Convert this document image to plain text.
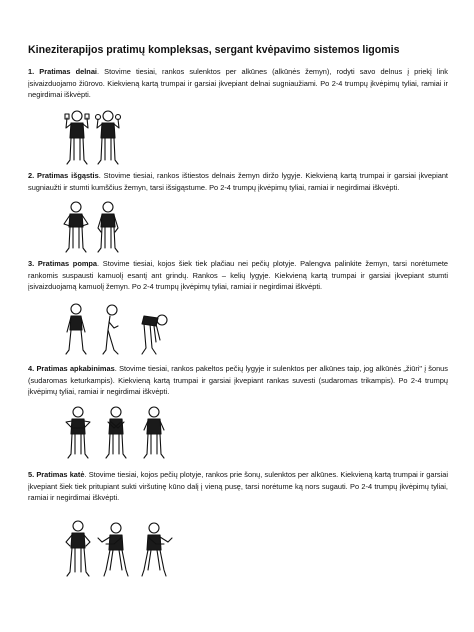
Kineziterapijos pratimų kompleksas, sergant kvėpavimo sistemos ligomis

1. Pratimas delnai. Stovime tiesiai, rankos sulenktos per alkūnes (alkūnės žemyn), rodyti savo delnus į priekį link įsivaizduojamo žiūrovo. Kiekvieną kartą trumpai ir garsiai įkvepiant delnai sugniaužiami. Po 2-4 trumpų įkvėpimų tyliai, ramiai ir negirdimai iškvėpti.

2. Pratimas išgąstis. Stovime tiesiai, rankos ištiestos delnais žemyn diržo lygyje. Kiekvieną kartą trumpai ir garsiai įkvepiant sugniaužti ir stumti kumščius žemyn, tarsi išsigąstume. Po 2-4 trumpų įkvėpimų tyliai, ramiai ir negirdimai iškvėpti.

3. Pratimas pompa. Stovime tiesiai, kojos šiek tiek plačiau nei pečių plotyje. Palengva palinkite žemyn, tarsi norėtumete rankomis suspausti kamuolį esantį ant grindų. Rankos – kelių lygyje. Kiekvieną kartą trumpai ir garsiai įkvepiant stumti įsivaizduojamą kamuolį žemyn. Po 2-4 trumpų įkvėpimų tyliai, ramiai ir negirdimai iškvėpti.

4. Pratimas apkabinimas. Stovime tiesiai, rankos pakeltos pečių lygyje ir sulenktos per alkūnes taip, jog alkūnės „žiūri" į šonus (sudaromas keturkampis). Kiekvieną kartą trumpai ir garsiai įkvepiant rankas suvesti (sudaromas trikampis). Po 2-4 trumpų įkvėpimų tyliai, ramiai ir negirdimai iškvėpti.

5. Pratimas katė. Stovime tiesiai, kojos pečių plotyje, rankos prie šonų, sulenktos per alkūnes. Kiekvieną kartą trumpai ir garsiai įkvepiant šiek tiek pritupiant sukti viršutinę kūno dalį į vieną pusę, tarsi norėtume ką nors sugauti. Po 2-4 trumpų įkvėpimų tyliai, ramiai ir negirdimai iškvėpti.
